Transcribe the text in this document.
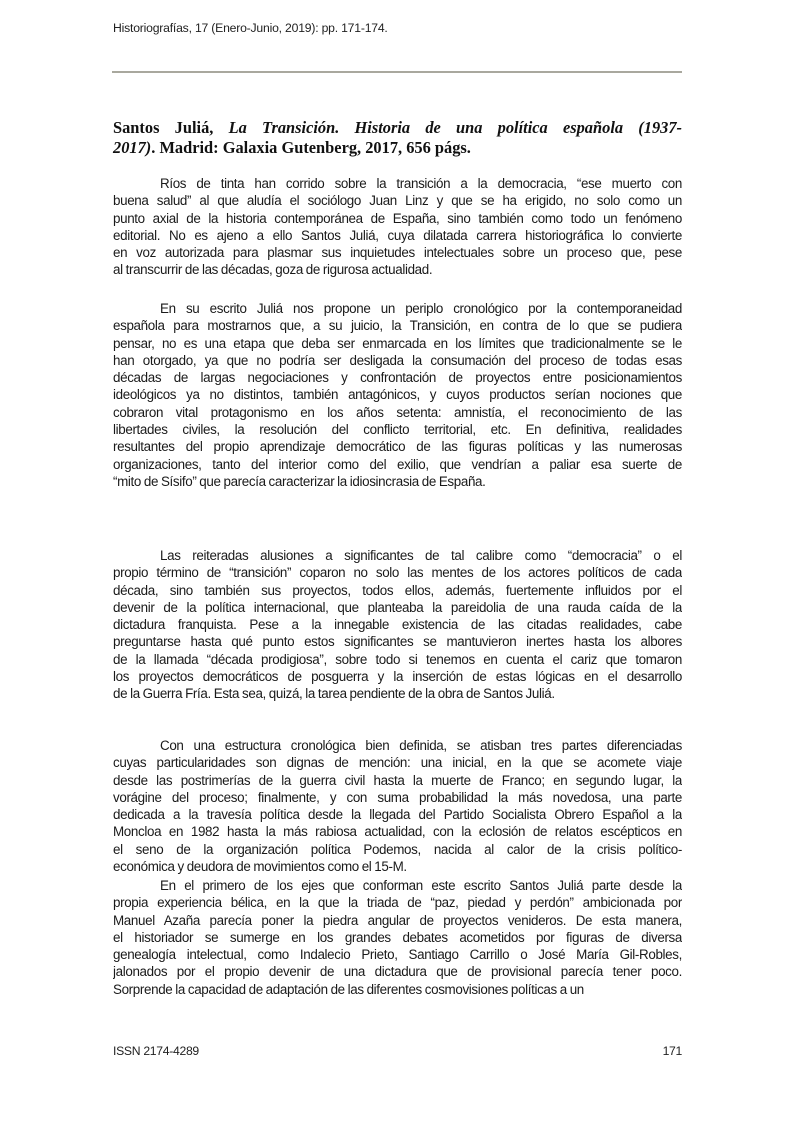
Historiografías, 17 (Enero-Junio, 2019): pp. 171-174.
Santos Juliá, La Transición. Historia de una política española (1937-
2017). Madrid: Galaxia Gutenberg, 2017, 656 págs.
Ríos de tinta han corrido sobre la transición a la democracia, “ese muerto con
buena salud” al que aludía el sociólogo Juan Linz y que se ha erigido, no solo como un
punto axial de la historia contemporánea de España, sino también como todo un fenómeno
editorial. No es ajeno a ello Santos Juliá, cuya dilatada carrera historiográfica lo convierte
en voz autorizada para plasmar sus inquietudes intelectuales sobre un proceso que, pese
al transcurrir de las décadas, goza de rigurosa actualidad.
En su escrito Juliá nos propone un periplo cronológico por la contemporaneidad
española para mostrarnos que, a su juicio, la Transición, en contra de lo que se pudiera
pensar, no es una etapa que deba ser enmarcada en los límites que tradicionalmente se le
han otorgado, ya que no podría ser desligada la consumación del proceso de todas esas
décadas de largas negociaciones y confrontación de proyectos entre posicionamientos
ideológicos ya no distintos, también antagónicos, y cuyos productos serían nociones que
cobraron vital protagonismo en los años setenta: amnistía, el reconocimiento de las
libertades civiles, la resolución del conflicto territorial, etc. En definitiva, realidades
resultantes del propio aprendizaje democrático de las figuras políticas y las numerosas
organizaciones, tanto del interior como del exilio, que vendrían a paliar esa suerte de
“mito de Sísifo” que parecía caracterizar la idiosincrasia de España.
Las reiteradas alusiones a significantes de tal calibre como “democracia” o el
propio término de “transición” coparon no solo las mentes de los actores políticos de cada
década, sino también sus proyectos, todos ellos, además, fuertemente influidos por el
devenir de la política internacional, que planteaba la pareidolia de una rauda caída de la
dictadura franquista. Pese a la innegable existencia de las citadas realidades, cabe
preguntarse hasta qué punto estos significantes se mantuvieron inertes hasta los albores
de la llamada “década prodigiosa”, sobre todo si tenemos en cuenta el cariz que tomaron
los proyectos democráticos de posguerra y la inserción de estas lógicas en el desarrollo
de la Guerra Fría. Esta sea, quizá, la tarea pendiente de la obra de Santos Juliá.
Con una estructura cronológica bien definida, se atisban tres partes diferenciadas
cuyas particularidades son dignas de mención: una inicial, en la que se acomete viaje
desde las postrimerías de la guerra civil hasta la muerte de Franco; en segundo lugar, la
vorágine del proceso; finalmente, y con suma probabilidad la más novedosa, una parte
dedicada a la travesía política desde la llegada del Partido Socialista Obrero Español a la
Moncloa en 1982 hasta la más rabiosa actualidad, con la eclosión de relatos escépticos en
el seno de la organización política Podemos, nacida al calor de la crisis político-
económica y deudora de movimientos como el 15-M.
En el primero de los ejes que conforman este escrito Santos Juliá parte desde la
propia experiencia bélica, en la que la triada de “paz, piedad y perdón” ambicionada por
Manuel Azaña parecía poner la piedra angular de proyectos venideros. De esta manera,
el historiador se sumerge en los grandes debates acometidos por figuras de diversa
genealogía intelectual, como Indalecio Prieto, Santiago Carrillo o José María Gil-Robles,
jalonados por el propio devenir de una dictadura que de provisional parecía tener poco.
Sorprende la capacidad de adaptación de las diferentes cosmovisiones políticas a un
ISSN 2174-4289	171
